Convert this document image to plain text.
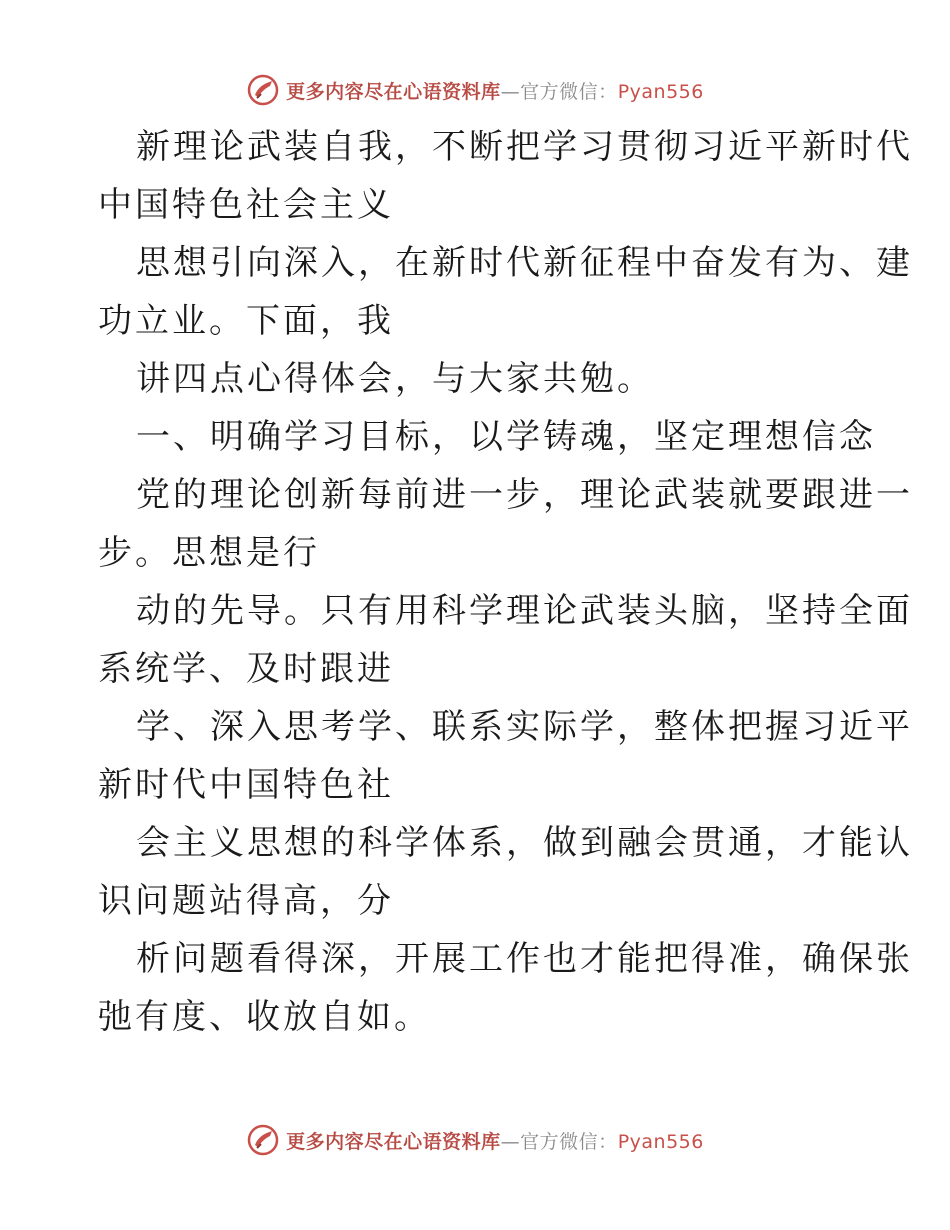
更多内容尽在心语资料库—官方微信：Pyan556
新理论武装自我，不断把学习贯彻习近平新时代
中国特色社会主义
思想引向深入，在新时代新征程中奋发有为、建
功立业。下面，我
讲四点心得体会，与大家共勉。
一、明确学习目标，以学铸魂，坚定理想信念
党的理论创新每前进一步，理论武装就要跟进一
步。思想是行
动的先导。只有用科学理论武装头脑，坚持全面
系统学、及时跟进
学、深入思考学、联系实际学，整体把握习近平
新时代中国特色社
会主义思想的科学体系，做到融会贯通，才能认
识问题站得高，分
析问题看得深，开展工作也才能把得准，确保张
弛有度、收放自如。
更多内容尽在心语资料库—官方微信：Pyan556
